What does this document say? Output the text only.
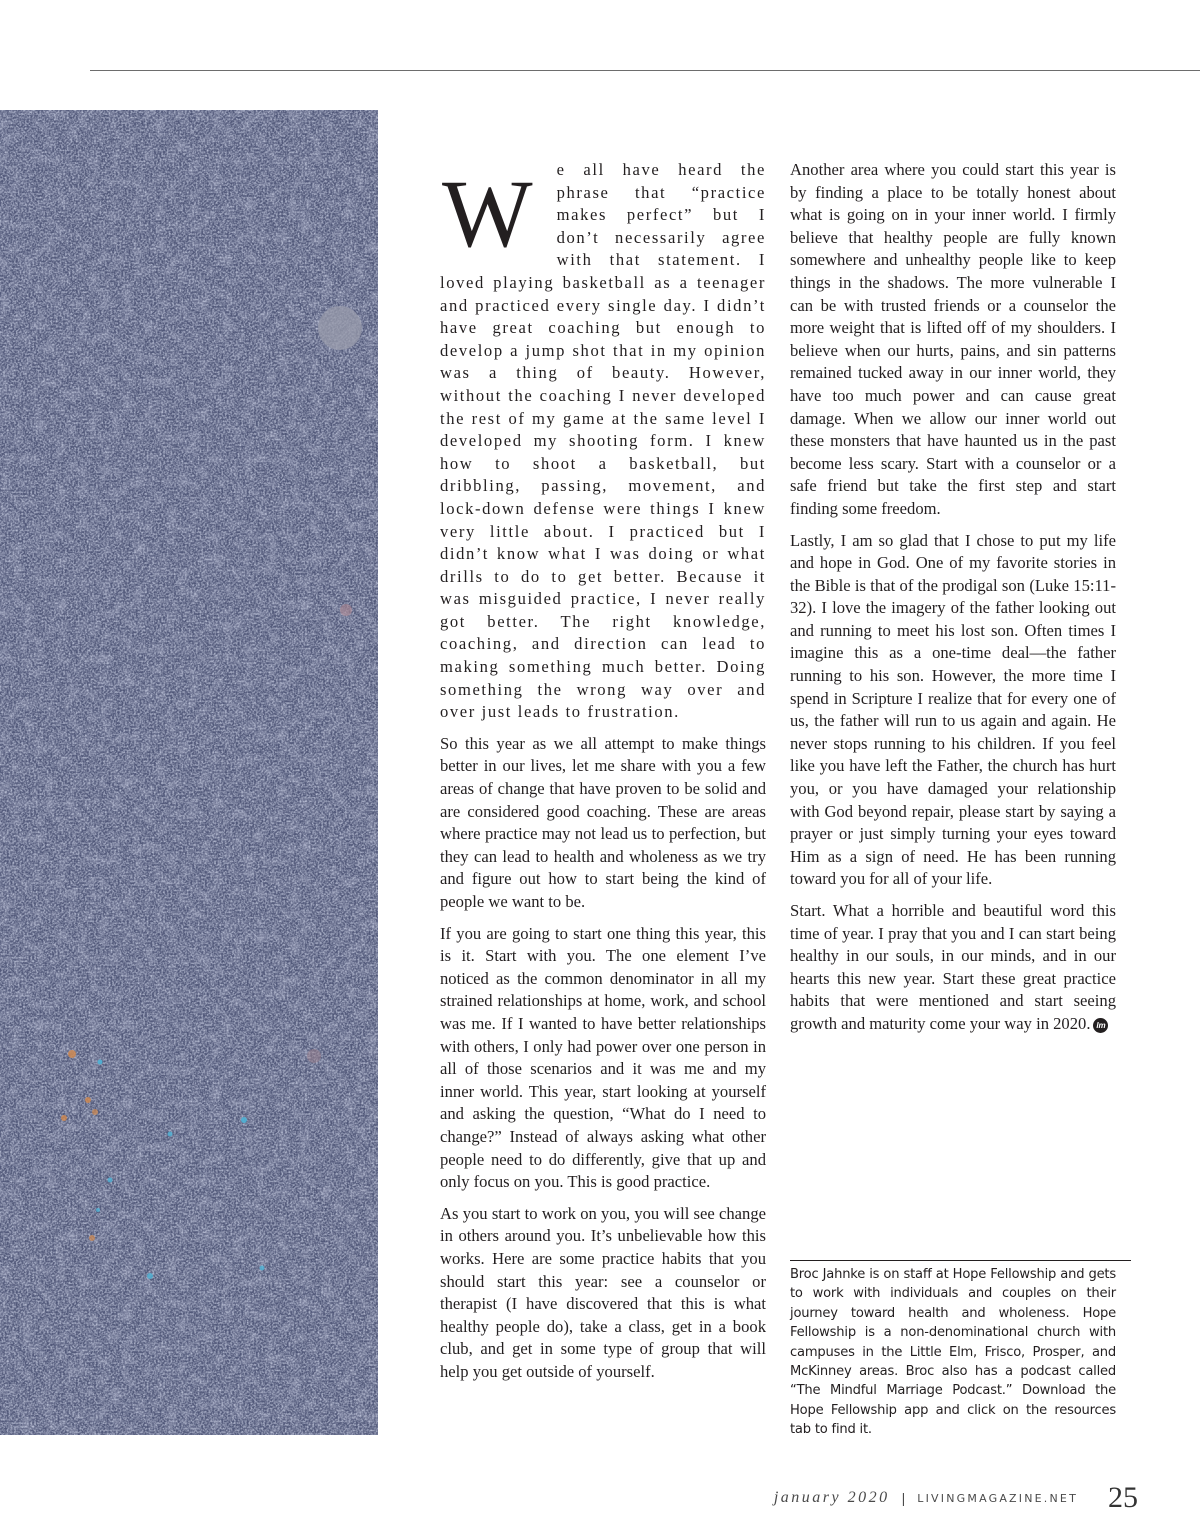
W	e all have heard the phrase that “practice makes perfect” but I don’t necessarily agree with that statement. I loved playing basketball as a teenager and practiced every single day. I didn’t have great coaching but enough to develop a jump shot that in my opinion was a thing of beauty. However, without the coaching I never developed the rest of my game at the same level I developed my shooting form. I knew how to shoot a basketball, but dribbling, passing, movement, and lock-down defense were things I knew very little about. I practiced but I didn’t know what I was doing or what drills to do to get better. Because it was misguided practice, I never really got better. The right knowledge, coaching, and direction can lead to making something much better. Doing something the wrong way over and over just leads to frustration.

So this year as we all attempt to make things better in our lives, let me share with you a few areas of change that have proven to be solid and are considered good coaching. These are areas where practice may not lead us to perfection, but they can lead to health and wholeness as we try and figure out how to start being the kind of people we want to be.

If you are going to start one thing this year, this is it. Start with you. The one element I’ve noticed as the common denominator in all my strained relationships at home, work, and school was me. If I wanted to have better relationships with others, I only had power over one person in all of those scenarios and it was me and my inner world. This year, start looking at yourself and asking the question, “What do I need to change?” Instead of always asking what other people need to do differently, give that up and only focus on you. This is good practice.

As you start to work on you, you will see change in others around you. It’s unbelievable how this works. Here are some practice habits that you should start this year: see a counselor or therapist (I have discovered that this is what healthy people do), take a class, get in a book club, and get in some type of group that will help you get outside of yourself.

Another area where you could start this year is by finding a place to be totally honest about what is going on in your inner world. I firmly believe that healthy people are fully known somewhere and unhealthy people like to keep things in the shadows. The more vulnerable I can be with trusted friends or a counselor the more weight that is lifted off of my shoulders. I believe when our hurts, pains, and sin patterns remained tucked away in our inner world, they have too much power and can cause great damage. When we allow our inner world out these monsters that have haunted us in the past become less scary. Start with a counselor or a safe friend but take the first step and start finding some freedom.

Lastly, I am so glad that I chose to put my life and hope in God. One of my favorite stories in the Bible is that of the prodigal son (Luke 15:11-32). I love the imagery of the father looking out and running to meet his lost son. Often times I imagine this as a one-time deal—the father running to his son. However, the more time I spend in Scripture I realize that for every one of us, the father will run to us again and again. He never stops running to his children. If you feel like you have left the Father, the church has hurt you, or you have damaged your relationship with God beyond repair, please start by saying a prayer or just simply turning your eyes toward Him as a sign of need. He has been running toward you for all of your life.

Start. What a horrible and beautiful word this time of year. I pray that you and I can start being healthy in our souls, in our minds, and in our hearts this new year. Start these great practice habits that were mentioned and start seeing growth and maturity come your way in 2020. lm

Broc Jahnke is on staff at Hope Fellowship and gets to work with individuals and couples on their journey toward health and wholeness. Hope Fellowship is a non-denominational church with campuses in the Little Elm, Frisco, Prosper, and McKinney areas. Broc also has a podcast called “The Mindful Marriage Podcast.” Download the Hope Fellowship app and click on the resources tab to find it.
january 2020 | LIVINGMAGAZINE.NET 25
